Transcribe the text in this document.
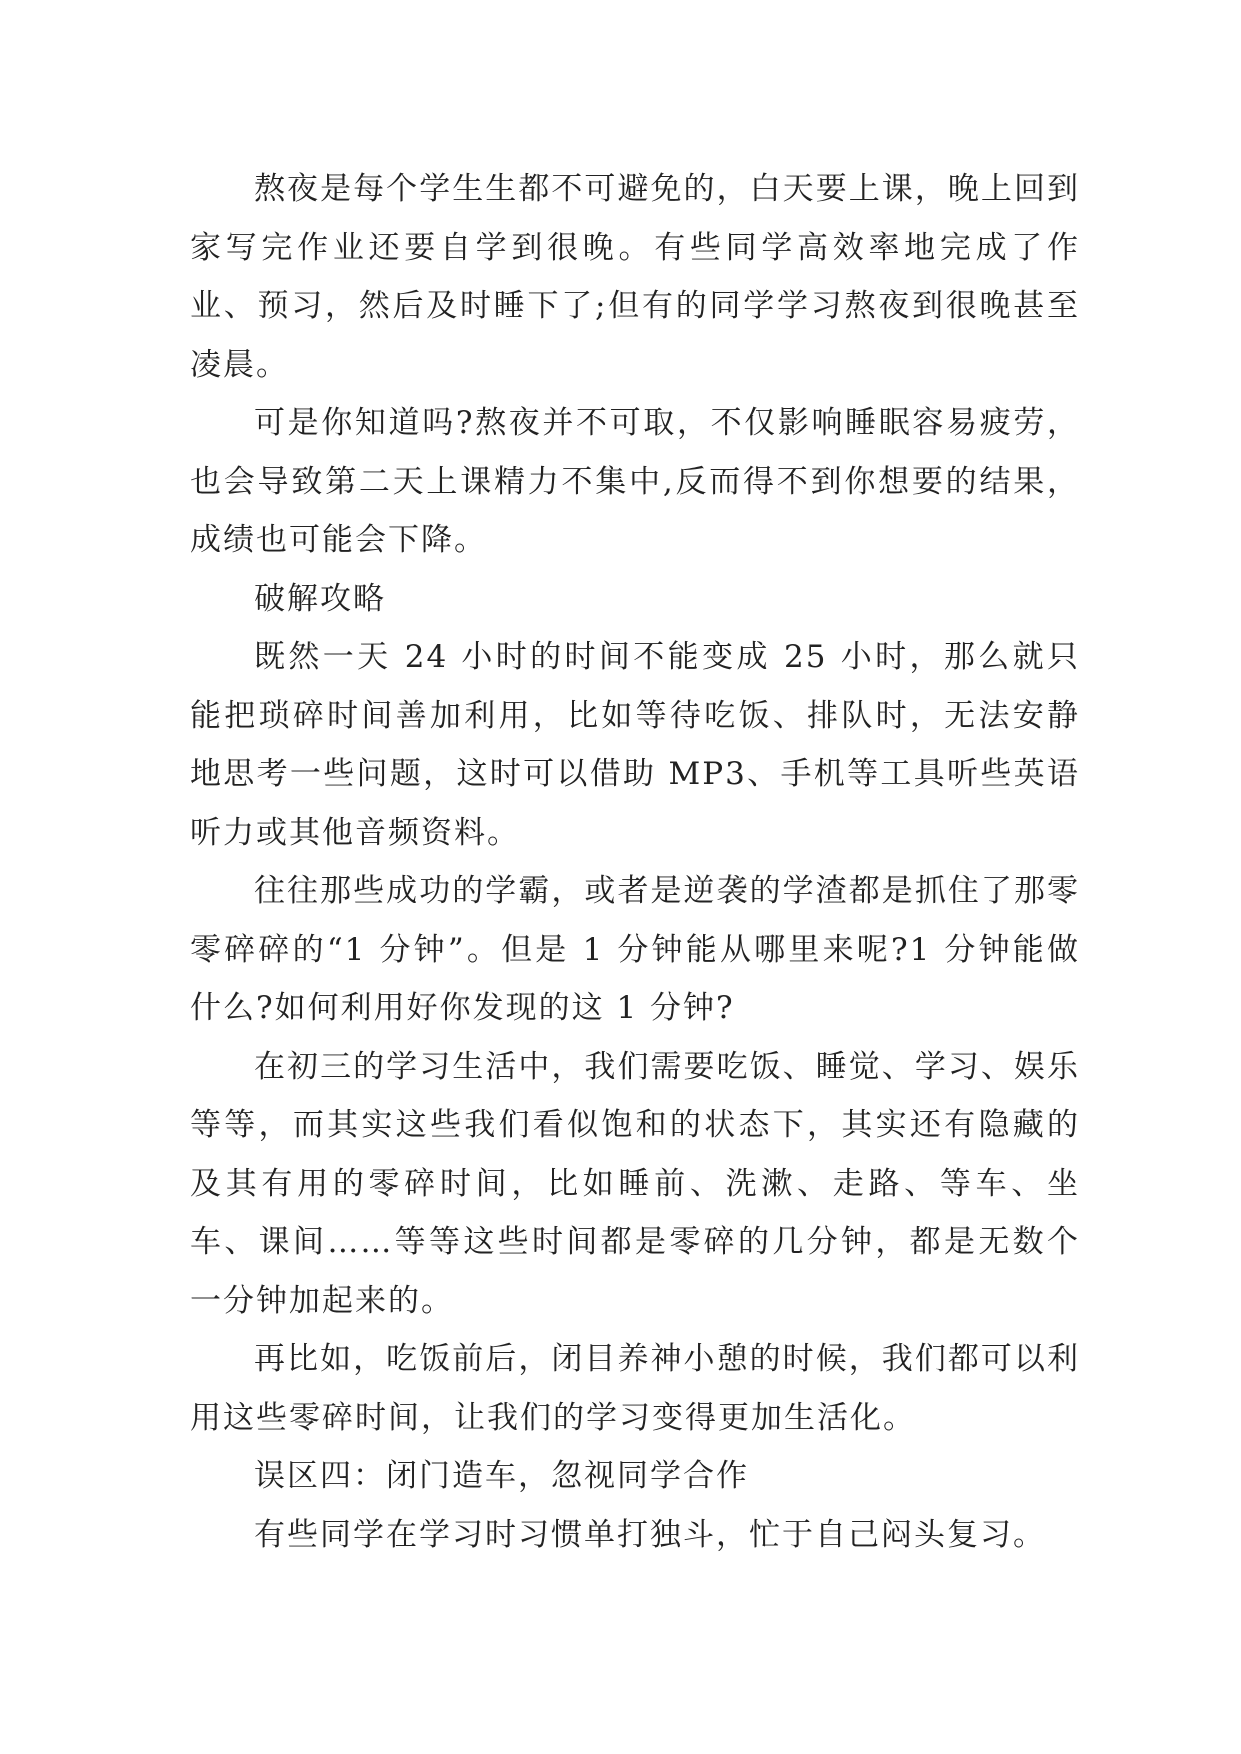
熬夜是每个学生生都不可避免的，白天要上课，晚上回到家写完作业还要自学到很晚。有些同学高效率地完成了作业、预习，然后及时睡下了;但有的同学学习熬夜到很晚甚至凌晨。

可是你知道吗?熬夜并不可取，不仅影响睡眠容易疲劳，也会导致第二天上课精力不集中,反而得不到你想要的结果，成绩也可能会下降。

破解攻略

既然一天 24 小时的时间不能变成 25 小时，那么就只能把琐碎时间善加利用，比如等待吃饭、排队时，无法安静地思考一些问题，这时可以借助 MP3、手机等工具听些英语听力或其他音频资料。

往往那些成功的学霸，或者是逆袭的学渣都是抓住了那零零碎碎的“1 分钟”。但是 1 分钟能从哪里来呢?1 分钟能做什么?如何利用好你发现的这 1 分钟?

在初三的学习生活中，我们需要吃饭、睡觉、学习、娱乐等等，而其实这些我们看似饱和的状态下，其实还有隐藏的及其有用的零碎时间，比如睡前、洗漱、走路、等车、坐车、课间……等等这些时间都是零碎的几分钟，都是无数个一分钟加起来的。

再比如，吃饭前后，闭目养神小憩的时候，我们都可以利用这些零碎时间，让我们的学习变得更加生活化。

误区四：闭门造车，忽视同学合作

有些同学在学习时习惯单打独斗，忙于自己闷头复习。
